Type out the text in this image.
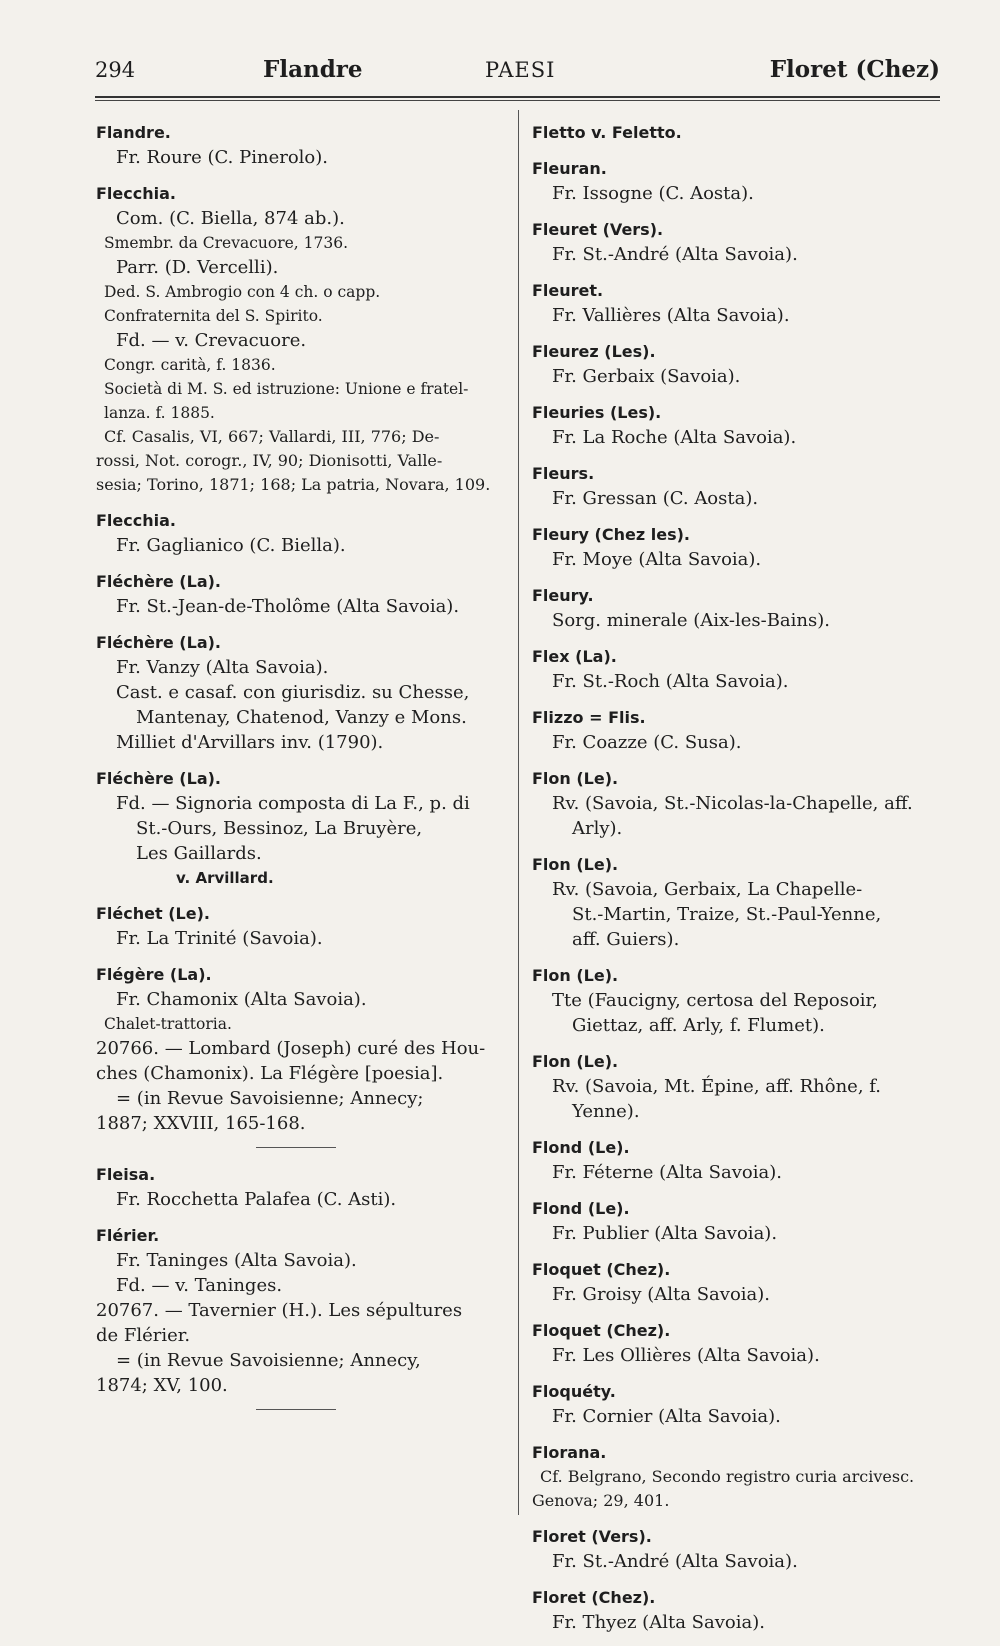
294	Flandre	PAESI	Floret (Chez)
Flandre.
Fr. Roure (C. Pinerolo).
Flecchia.
Com. (C. Biella, 874 ab.).
Smembr. da Crevacuore, 1736.
Parr. (D. Vercelli).
Ded. S. Ambrogio con 4 ch. o capp.
Confraternita del S. Spirito.
Fd. — v. Crevacuore.
Congr. carità, f. 1836.
Società di M. S. ed istruzione: Unione e fratel-
lanza. f. 1885.
Cf. Casalis, VI, 667; Vallardi, III, 776; De-
rossi, Not. corogr., IV, 90; Dionisotti, Valle-
sesia; Torino, 1871; 168; La patria, Novara, 109.
Flecchia.
Fr. Gaglianico (C. Biella).
Fléchère (La).
Fr. St.-Jean-de-Tholôme (Alta Savoia).
Fléchère (La).
Fr. Vanzy (Alta Savoia).
Cast. e casaf. con giurisdiz. su Chesse,
Mantenay, Chatenod, Vanzy e Mons.
Milliet d'Arvillars inv. (1790).
Fléchère (La).
Fd. — Signoria composta di La F., p. di
St.-Ours, Bessinoz, La Bruyère,
Les Gaillards.
v. Arvillard.
Fléchet (Le).
Fr. La Trinité (Savoia).
Flégère (La).
Fr. Chamonix (Alta Savoia).
Chalet-trattoria.
20766. — Lombard (Joseph) curé des Hou-
ches (Chamonix). La Flégère [poesia].
= (in Revue Savoisienne; Annecy;
1887; XXVIII, 165-168.
Fleisa.
Fr. Rocchetta Palafea (C. Asti).
Flérier.
Fr. Taninges (Alta Savoia).
Fd. — v. Taninges.
20767. — Tavernier (H.). Les sépultures
de Flérier.
= (in Revue Savoisienne; Annecy,
1874; XV, 100.
Fletto v. Feletto.
Fleuran.
Fr. Issogne (C. Aosta).
Fleuret (Vers).
Fr. St.-André (Alta Savoia).
Fleuret.
Fr. Vallières (Alta Savoia).
Fleurez (Les).
Fr. Gerbaix (Savoia).
Fleuries (Les).
Fr. La Roche (Alta Savoia).
Fleurs.
Fr. Gressan (C. Aosta).
Fleury (Chez les).
Fr. Moye (Alta Savoia).
Fleury.
Sorg. minerale (Aix-les-Bains).
Flex (La).
Fr. St.-Roch (Alta Savoia).
Flizzo = Flis.
Fr. Coazze (C. Susa).
Flon (Le).
Rv. (Savoia, St.-Nicolas-la-Chapelle, aff.
Arly).
Flon (Le).
Rv. (Savoia, Gerbaix, La Chapelle-
St.-Martin, Traize, St.-Paul-Yenne,
aff. Guiers).
Flon (Le).
Tte (Faucigny, certosa del Reposoir,
Giettaz, aff. Arly, f. Flumet).
Flon (Le).
Rv. (Savoia, Mt. Épine, aff. Rhône, f.
Yenne).
Flond (Le).
Fr. Féterne (Alta Savoia).
Flond (Le).
Fr. Publier (Alta Savoia).
Floquet (Chez).
Fr. Groisy (Alta Savoia).
Floquet (Chez).
Fr. Les Ollières (Alta Savoia).
Floquéty.
Fr. Cornier (Alta Savoia).
Florana.
Cf. Belgrano, Secondo registro curia arcivesc.
Genova; 29, 401.
Floret (Vers).
Fr. St.-André (Alta Savoia).
Floret (Chez).
Fr. Thyez (Alta Savoia).
